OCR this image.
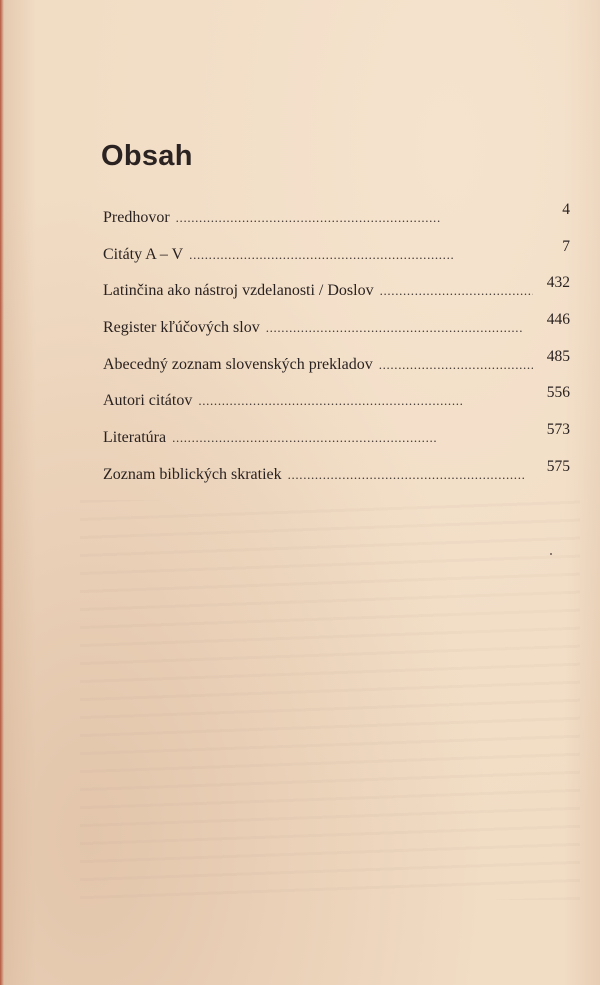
Obsah
Predhovor . . .	4
Citáty A – V . . .	7
Latinčina ako nástroj vzdelanosti / Doslov . . .	432
Register kľúčových slov . . .	446
Abecedný zoznam slovenských prekladov . . .	485
Autori citátov . . .	556
Literatúra . . .	573
Zoznam biblických skratiek . . .	575
